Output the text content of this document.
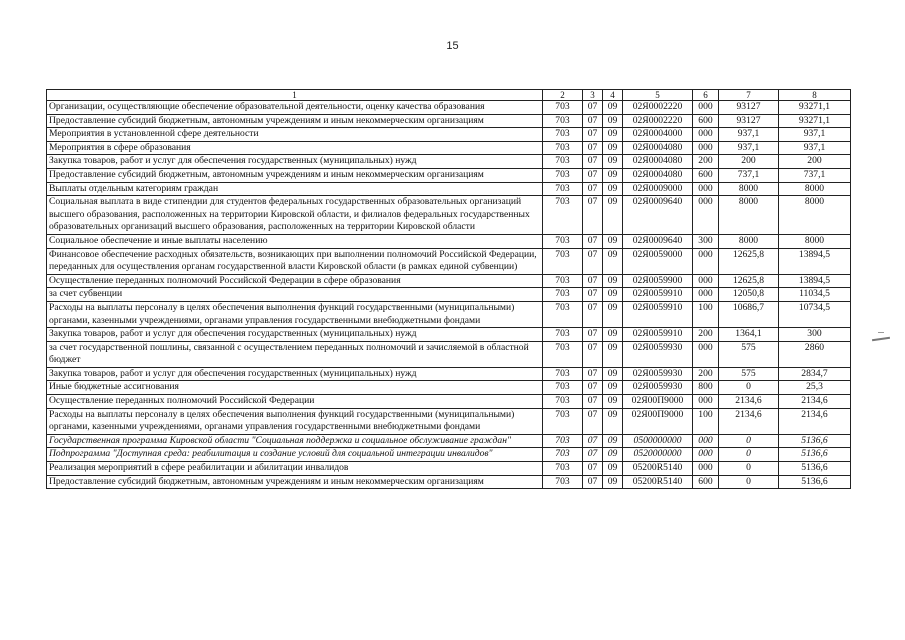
15
1	2	3	4	5	6	7	8
Организации, осуществляющие обеспечение образовательной деятельности, оценку качества образования	703	07	09	02Я0002220	000	93127	93271,1
Предоставление субсидий бюджетным, автономным учреждениям и иным некоммерческим организациям	703	07	09	02Я0002220	600	93127	93271,1
Мероприятия в установленной сфере деятельности	703	07	09	02Я0004000	000	937,1	937,1
Мероприятия в сфере образования	703	07	09	02Я0004080	000	937,1	937,1
Закупка товаров, работ и услуг для обеспечения государственных (муниципальных) нужд	703	07	09	02Я0004080	200	200	200
Предоставление субсидий бюджетным, автономным учреждениям и иным некоммерческим организациям	703	07	09	02Я0004080	600	737,1	737,1
Выплаты отдельным категориям граждан	703	07	09	02Я0009000	000	8000	8000
Социальная выплата в виде стипендии для студентов федеральных государственных образовательных организаций высшего образования, расположенных на территории Кировской области, и филиалов федеральных государственных образовательных организаций высшего образования, расположенных на территории Кировской области	703	07	09	02Я0009640	000	8000	8000
Социальное обеспечение и иные выплаты населению	703	07	09	02Я0009640	300	8000	8000
Финансовое обеспечение расходных обязательств, возникающих при выполнении полномочий Российской Федерации, переданных для осуществления органам государственной власти Кировской области (в рамках единой субвенции)	703	07	09	02Я0059000	000	12625,8	13894,5
Осуществление переданных полномочий Российской Федерации в сфере образования	703	07	09	02Я0059900	000	12625,8	13894,5
за счет субвенции	703	07	09	02Я0059910	000	12050,8	11034,5
Расходы на выплаты персоналу в целях обеспечения выполнения функций государственными (муниципальными) органами, казенными учреждениями, органами управления государственными внебюджетными фондами	703	07	09	02Я0059910	100	10686,7	10734,5
Закупка товаров, работ и услуг для обеспечения государственных (муниципальных) нужд	703	07	09	02Я0059910	200	1364,1	300
за счет государственной пошлины, связанной с осуществлением переданных полномочий и зачисляемой в областной бюджет	703	07	09	02Я0059930	000	575	2860
Закупка товаров, работ и услуг для обеспечения государственных (муниципальных) нужд	703	07	09	02Я0059930	200	575	2834,7
Иные бюджетные ассигнования	703	07	09	02Я0059930	800	0	25,3
Осуществление переданных полномочий Российской Федерации	703	07	09	02Я00П9000	000	2134,6	2134,6
Расходы на выплаты персоналу в целях обеспечения выполнения функций государственными (муниципальными) органами, казенными учреждениями, органами управления государственными внебюджетными фондами	703	07	09	02Я00П9000	100	2134,6	2134,6
Государственная программа Кировской области "Социальная поддержка и социальное обслуживание граждан"	703	07	09	0500000000	000	0	5136,6
Подпрограмма "Доступная среда: реабилитация и создание условий для социальной интеграции инвалидов"	703	07	09	0520000000	000	0	5136,6
Реализация мероприятий в сфере реабилитации и абилитации инвалидов	703	07	09	05200R5140	000	0	5136,6
Предоставление субсидий бюджетным, автономным учреждениям и иным некоммерческим организациям	703	07	09	05200R5140	600	0	5136,6
